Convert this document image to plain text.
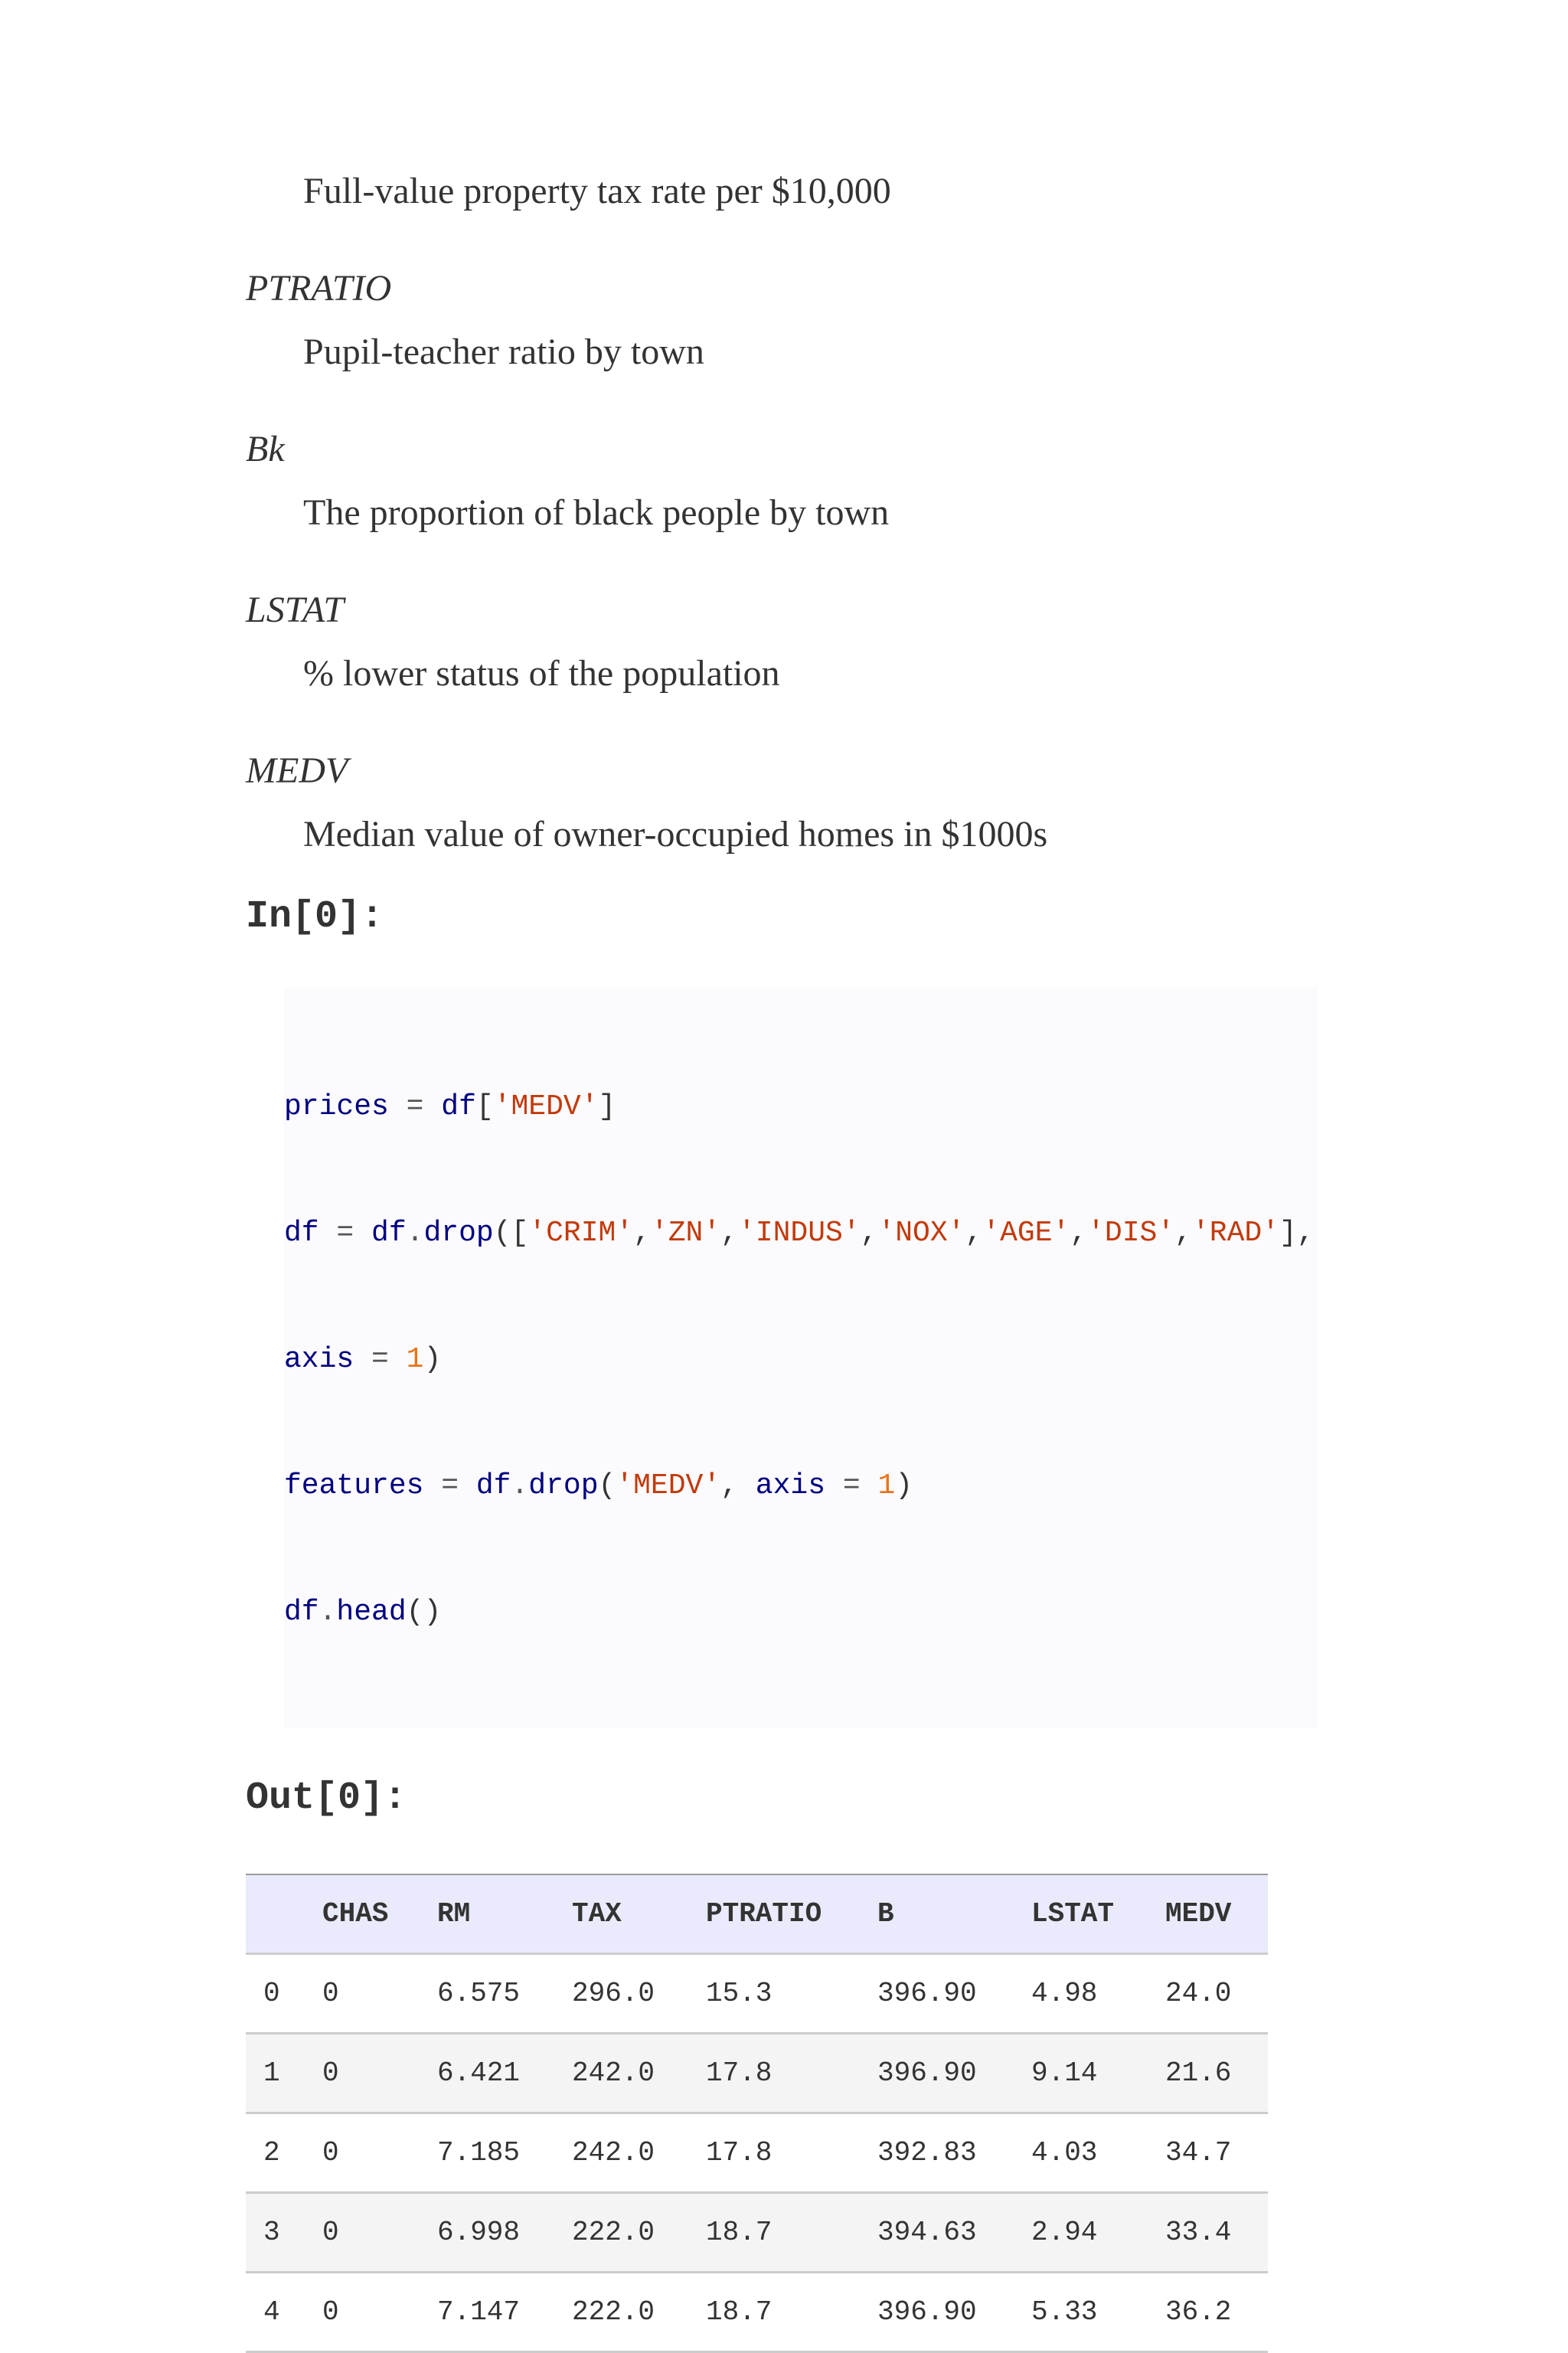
Full-value property tax rate per $10,000

PTRATIO

Pupil-teacher ratio by town

Bk

The proportion of black people by town

LSTAT

% lower status of the population

MEDV

Median value of owner-occupied homes in $1000s

In[0]:

prices = df['MEDV']

df = df.drop(['CRIM','ZN','INDUS','NOX','AGE','DIS','RAD'],

axis = 1)

features = df.drop('MEDV', axis = 1)

df.head()

Out[0]:

	CHAS	RM	TAX	PTRATIO	B	LSTAT	MEDV
0	0	6.575	296.0	15.3	396.90	4.98	24.0
1	0	6.421	242.0	17.8	396.90	9.14	21.6
2	0	7.185	242.0	17.8	392.83	4.03	34.7
3	0	6.998	222.0	18.7	394.63	2.94	33.4
4	0	7.147	222.0	18.7	396.90	5.33	36.2
